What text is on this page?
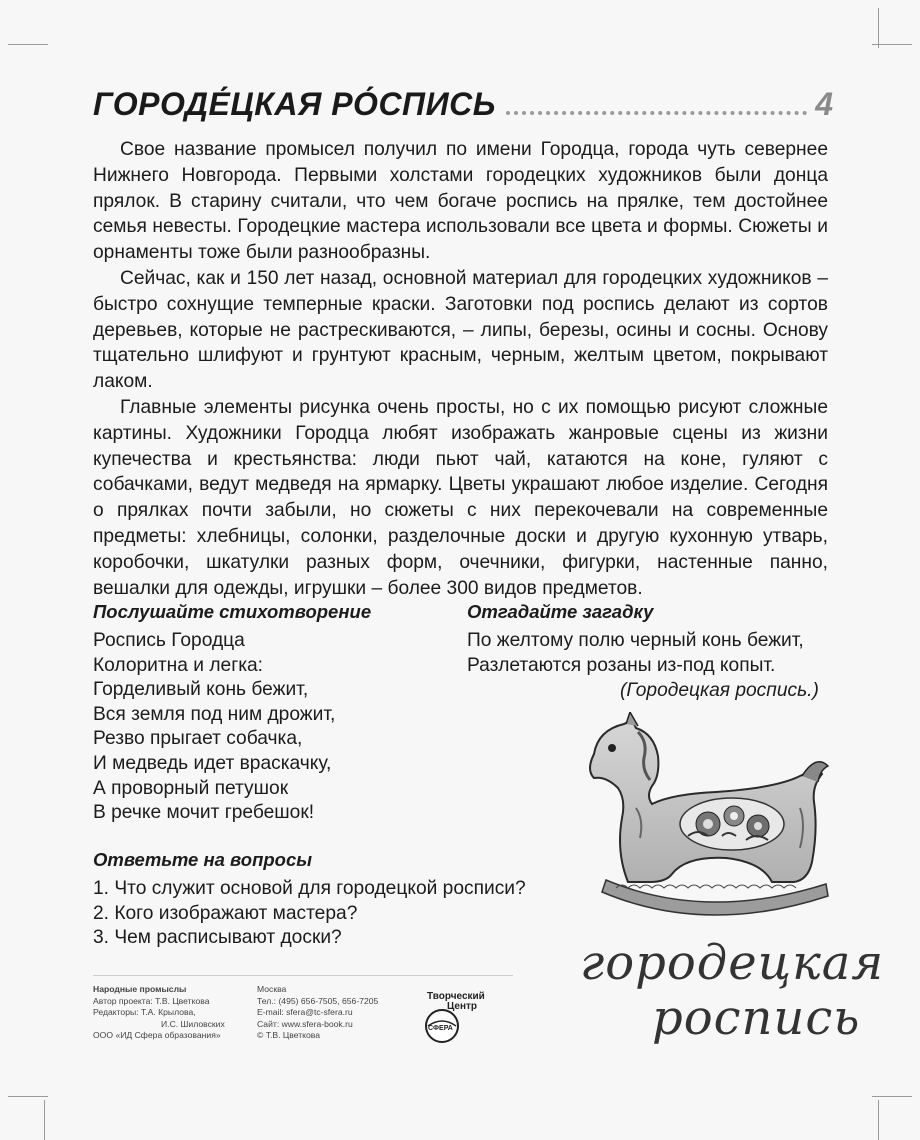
ГОРОДЕ́ЦКАЯ РО́СПИСЬ	4

Свое название промысел получил по имени Городца, города чуть севернее Нижнего Новгорода. Первыми холстами городецких художников были донца прялок. В старину считали, что чем богаче роспись на прялке, тем достойнее семья невесты. Городецкие мастера использовали все цвета и формы. Сюжеты и орнаменты тоже были разнообразны.

Сейчас, как и 150 лет назад, основной материал для городецких художников – быстро сохнущие темперные краски. Заготовки под роспись делают из сортов деревьев, которые не растрескиваются, – липы, березы, осины и сосны. Основу тщательно шлифуют и грунтуют красным, черным, желтым цветом, покрывают лаком.

Главные элементы рисунка очень просты, но с их помощью рисуют сложные картины. Художники Городца любят изображать жанровые сцены из жизни купечества и крестьянства: люди пьют чай, катаются на коне, гуляют с собачками, ведут медведя на ярмарку. Цветы украшают любое изделие. Сегодня о прялках почти забыли, но сюжеты с них перекочевали на современные предметы: хлебницы, солонки, разделочные доски и другую кухонную утварь, коробочки, шкатулки разных форм, очечники, фигурки, настенные панно, вешалки для одежды, игрушки – более 300 видов предметов.

Послушайте стихотворение
Роспись Городца
Колоритна и легка:
Горделивый конь бежит,
Вся земля под ним дрожит,
Резво прыгает собачка,
И медведь идет враскачку,
А проворный петушок
В речке мочит гребешок!
Отгадайте загадку
По желтому полю черный конь бежит,
Разлетаются розаны из-под копыт.
(Городецкая роспись.)
Ответьте на вопросы
1. Что служит основой для городецкой росписи?
2. Кого изображают мастера?
3. Чем расписывают доски?	городецкая
роспись
Народные промыслы
Автор проекта: Т.В. Цветкова
Редакторы: Т.А. Крылова,
И.С. Шиловских
ООО «ИД Сфера образования»
Москва
Тел.: (495) 656-7505, 656-7205
E-mail: sfera@tc-sfera.ru
Сайт: www.sfera-book.ru
© Т.В. Цветкова
Творческий
Центр
СФЕРА
